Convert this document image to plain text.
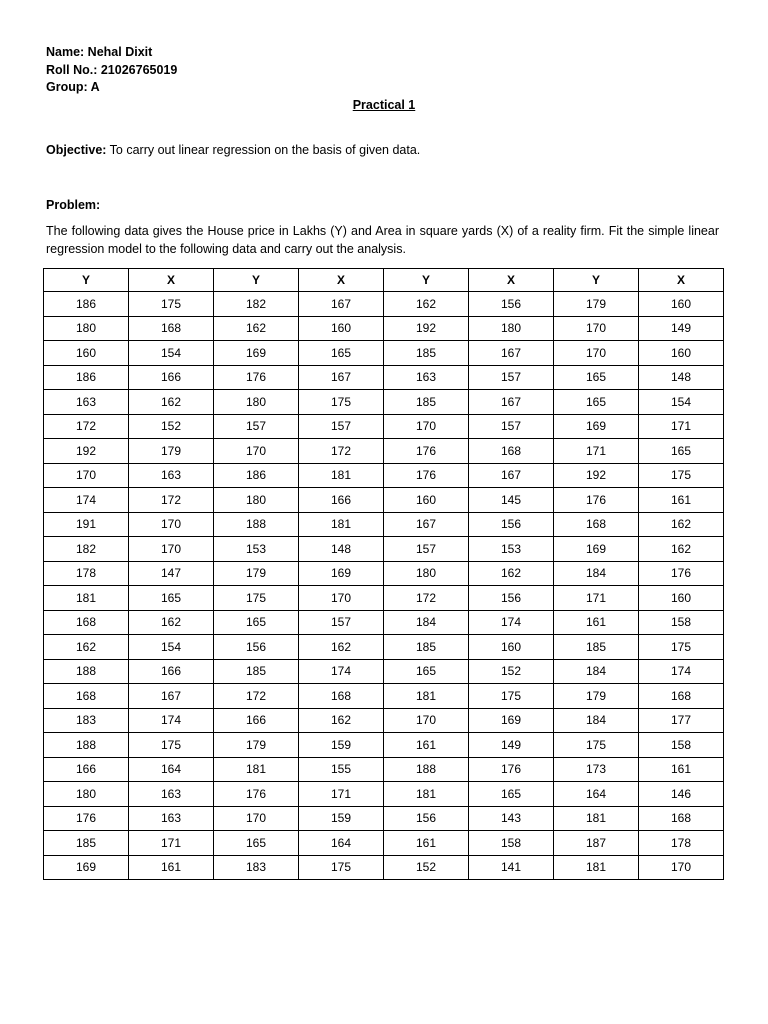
Name: Nehal Dixit
Roll No.: 21026765019
Group: A
Practical 1
Objective: To carry out linear regression on the basis of given data.
Problem:
The following data gives the House price in Lakhs (Y) and Area in square yards (X) of a reality firm. Fit the simple linear regression model to the following data and carry out the analysis.
Y	X	Y	X	Y	X	Y	X
186	175	182	167	162	156	179	160
180	168	162	160	192	180	170	149
160	154	169	165	185	167	170	160
186	166	176	167	163	157	165	148
163	162	180	175	185	167	165	154
172	152	157	157	170	157	169	171
192	179	170	172	176	168	171	165
170	163	186	181	176	167	192	175
174	172	180	166	160	145	176	161
191	170	188	181	167	156	168	162
182	170	153	148	157	153	169	162
178	147	179	169	180	162	184	176
181	165	175	170	172	156	171	160
168	162	165	157	184	174	161	158
162	154	156	162	185	160	185	175
188	166	185	174	165	152	184	174
168	167	172	168	181	175	179	168
183	174	166	162	170	169	184	177
188	175	179	159	161	149	175	158
166	164	181	155	188	176	173	161
180	163	176	171	181	165	164	146
176	163	170	159	156	143	181	168
185	171	165	164	161	158	187	178
169	161	183	175	152	141	181	170
